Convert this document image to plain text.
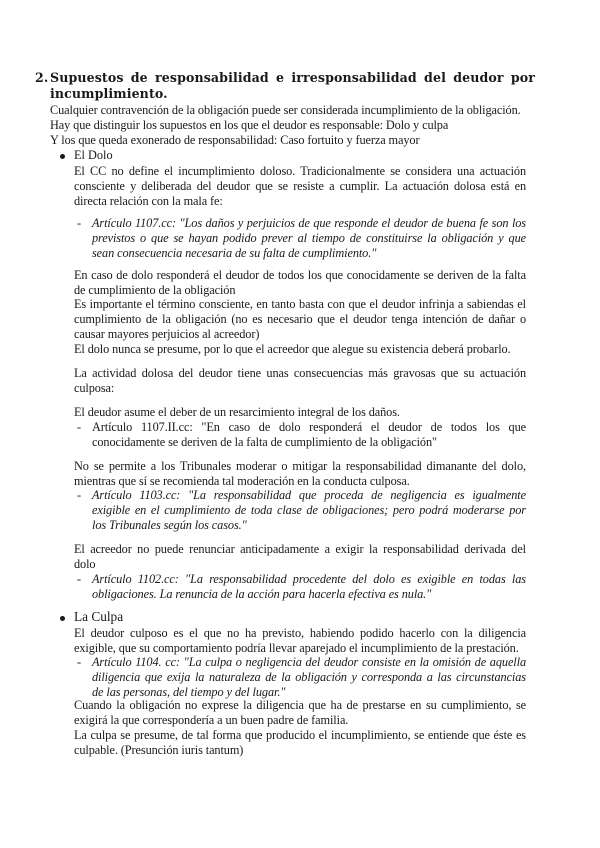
2. Supuestos de responsabilidad e irresponsabilidad del deudor por
incumplimiento.
Cualquier contravención de la obligación puede ser considerada incumplimiento de la obligación.
Hay que distinguir los supuestos en los que el deudor es responsable: Dolo y culpa
Y los que queda exonerado de responsabilidad: Caso fortuito y fuerza mayor
El Dolo
El CC no define el incumplimiento doloso. Tradicionalmente se considera una actuación
consciente y deliberada del deudor que se resiste a cumplir. La actuación dolosa está en
directa relación con la mala fe:
- Artículo 1107.cc: "Los daños y perjuicios de que responde el deudor de buena fe son los
previstos o que se hayan podido prever al tiempo de constituirse la obligación y que
sean consecuencia necesaria de su falta de cumplimiento."
En caso de dolo responderá el deudor de todos los que conocidamente se deriven de la falta
de cumplimiento de la obligación
Es importante el término consciente, en tanto basta con que el deudor infrinja a sabiendas el
cumplimiento de la obligación (no es necesario que el deudor tenga intención de dañar o
causar mayores perjuicios al acreedor)
El dolo nunca se presume, por lo que el acreedor que alegue su existencia deberá probarlo.
La actividad dolosa del deudor tiene unas consecuencias más gravosas que su actuación
culposa:
El deudor asume el deber de un resarcimiento integral de los daños.
- Artículo 1107.II.cc: "En caso de dolo responderá el deudor de todos los que
conocidamente se deriven de la falta de cumplimiento de la obligación"
No se permite a los Tribunales moderar o mitigar la responsabilidad dimanante del dolo,
mientras que sí se recomienda tal moderación en la conducta culposa.
- Artículo 1103.cc: "La responsabilidad que proceda de negligencia es igualmente
exigible en el cumplimiento de toda clase de obligaciones; pero podrá moderarse por
los Tribunales según los casos."
El acreedor no puede renunciar anticipadamente a exigir la responsabilidad derivada del
dolo
- Artículo 1102.cc: "La responsabilidad procedente del dolo es exigible en todas las
obligaciones. La renuncia de la acción para hacerla efectiva es nula."
La Culpa
El deudor culposo es el que no ha previsto, habiendo podido hacerlo con la diligencia
exigible, que su comportamiento podría llevar aparejado el incumplimiento de la prestación.
- Artículo 1104. cc: "La culpa o negligencia del deudor consiste en la omisión de aquella
diligencia que exija la naturaleza de la obligación y corresponda a las circunstancias
de las personas, del tiempo y del lugar."
Cuando la obligación no exprese la diligencia que ha de prestarse en su cumplimiento, se
exigirá la que correspondería a un buen padre de familia.
La culpa se presume, de tal forma que producido el incumplimiento, se entiende que éste es
culpable. (Presunción iuris tantum)
